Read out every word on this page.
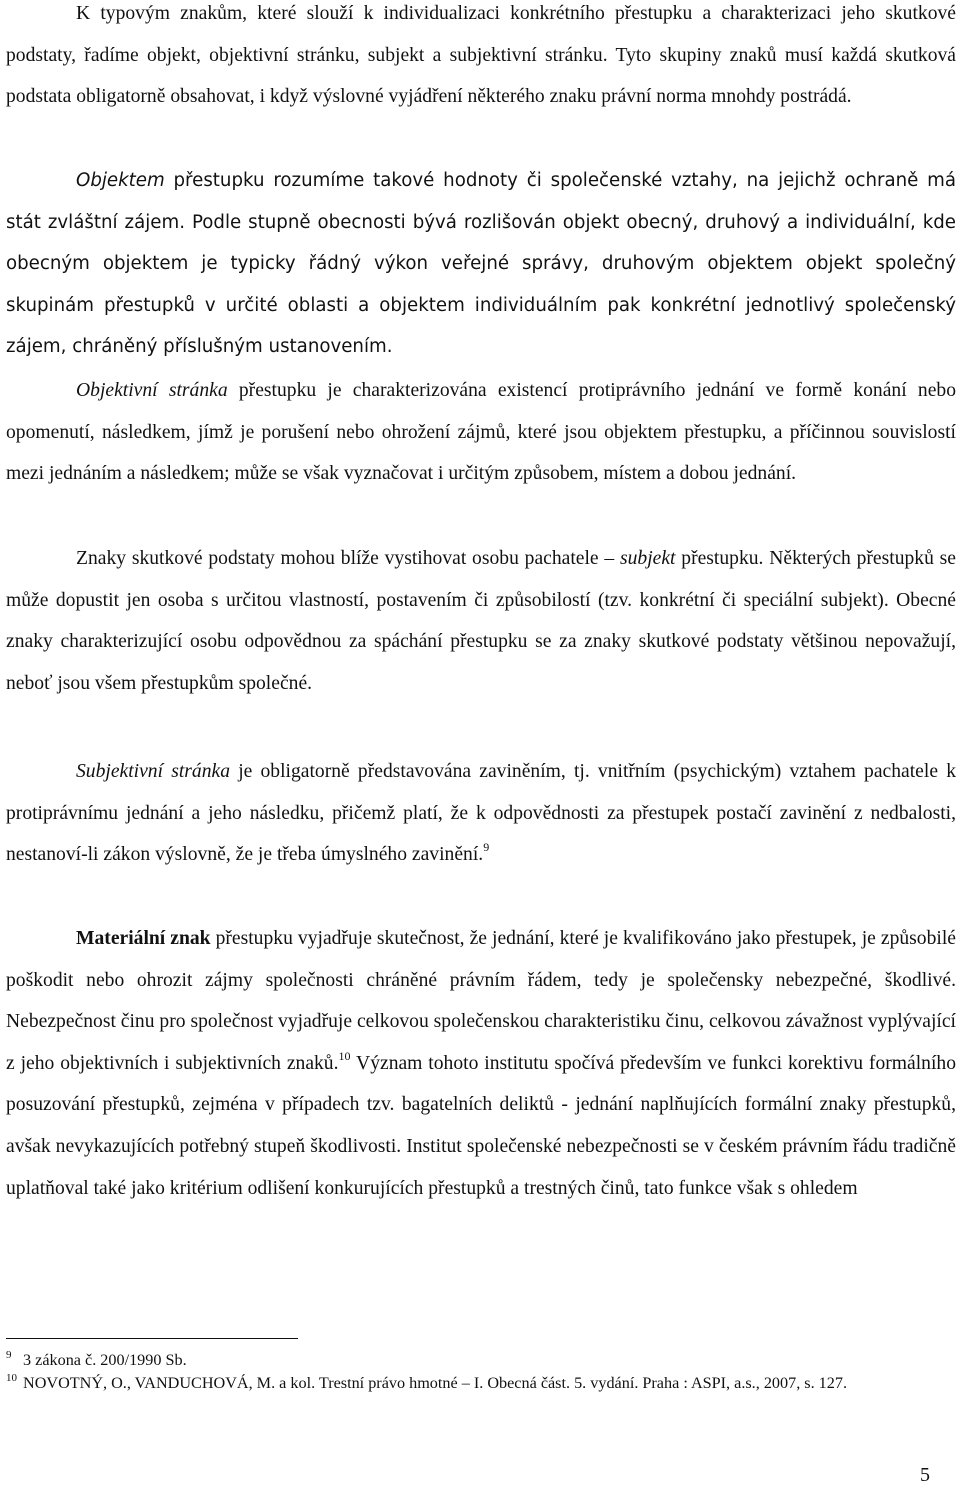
K typovým znakům, které slouží k individualizaci konkrétního přestupku a charakterizaci jeho skutkové podstaty, řadíme objekt, objektivní stránku, subjekt a subjektivní stránku. Tyto skupiny znaků musí každá skutková podstata obligatorně obsahovat, i když výslovné vyjádření některého znaku právní norma mnohdy postrádá.

Objektem přestupku rozumíme takové hodnoty či společenské vztahy, na jejichž ochraně má stát zvláštní zájem. Podle stupně obecnosti bývá rozlišován objekt obecný, druhový a individuální, kde obecným objektem je typicky řádný výkon veřejné správy, druhovým objektem objekt společný skupinám přestupků v určité oblasti a objektem individuálním pak konkrétní jednotlivý společenský zájem, chráněný příslušným ustanovením.

Objektivní stránka přestupku je charakterizována existencí protiprávního jednání ve formě konání nebo opomenutí, následkem, jímž je porušení nebo ohrožení zájmů, které jsou objektem přestupku, a příčinnou souvislostí mezi jednáním a následkem; může se však vyznačovat i určitým způsobem, místem a dobou jednání.

Znaky skutkové podstaty mohou blíže vystihovat osobu pachatele – subjekt přestupku. Některých přestupků se může dopustit jen osoba s určitou vlastností, postavením či způsobilostí (tzv. konkrétní či speciální subjekt). Obecné znaky charakterizující osobu odpovědnou za spáchání přestupku se za znaky skutkové podstaty většinou nepovažují, neboť jsou všem přestupkům společné.

Subjektivní stránka je obligatorně představována zaviněním, tj. vnitřním (psychickým) vztahem pachatele k protiprávnímu jednání a jeho následku, přičemž platí, že k odpovědnosti za přestupek postačí zavinění z nedbalosti, nestanoví-li zákon výslovně, že je třeba úmyslného zavinění.$^9$

Materiální znak přestupku vyjadřuje skutečnost, že jednání, které je kvalifikováno jako přestupek, je způsobilé poškodit nebo ohrozit zájmy společnosti chráněné právním řádem, tedy je společensky nebezpečné, škodlivé. Nebezpečnost činu pro společnost vyjadřuje celkovou společenskou charakteristiku činu, celkovou závažnost vyplývající z jeho objektivních i subjektivních znaků.$^{10}$ Význam tohoto institutu spočívá především ve funkci korektivu formálního posuzování přestupků, zejména v případech tzv. bagatelních deliktů - jednání naplňujících formální znaky přestupků, avšak nevykazujících potřebný stupeň škodlivosti. Institut společenské nebezpečnosti se v českém právním řádu tradičně uplatňoval také jako kritérium odlišení konkurujících přestupků a trestných činů, tato funkce však s ohledem

9 3 zákona č. 200/1990 Sb.

10 NOVOTNÝ, O., VANDUCHOVÁ, M. a kol. Trestní právo hmotné – I. Obecná část. 5. vydání. Praha : ASPI, a.s., 2007, s. 127.

5
